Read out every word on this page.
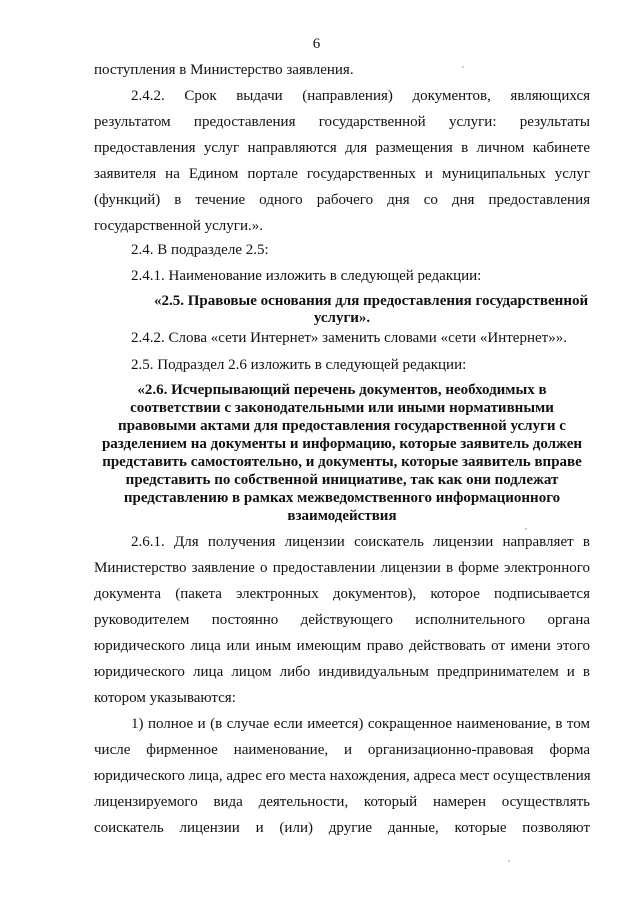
6
поступления в Министерство заявления.
2.4.2. Срок выдачи (направления) документов, являющихся
результатом предоставления государственной услуги: результаты
предоставления услуг направляются для размещения в личном кабинете
заявителя на Едином портале государственных и муниципальных услуг
(функций) в течение одного рабочего дня со дня предоставления
государственной услуги.».
2.4. В подразделе 2.5:
2.4.1. Наименование изложить в следующей редакции:
«2.5. Правовые основания для предоставления государственной
услуги».
2.4.2. Слова «сети Интернет» заменить словами «сети «Интернет»».
2.5. Подраздел 2.6 изложить в следующей редакции:
«2.6. Исчерпывающий перечень документов, необходимых в
соответствии с законодательными или иными нормативными
правовыми актами для предоставления государственной услуги с
разделением на документы и информацию, которые заявитель должен
представить самостоятельно, и документы, которые заявитель вправе
представить по собственной инициативе, так как они подлежат
представлению в рамках межведомственного информационного
взаимодействия
2.6.1. Для получения лицензии соискатель лицензии направляет в
Министерство заявление о предоставлении лицензии в форме электронного
документа (пакета электронных документов), которое подписывается
руководителем постоянно действующего исполнительного органа
юридического лица или иным имеющим право действовать от имени этого
юридического лица лицом либо индивидуальным предпринимателем и в
котором указываются:
1) полное и (в случае если имеется) сокращенное наименование, в том
числе фирменное наименование, и организационно-правовая форма
юридического лица, адрес его места нахождения, адреса мест осуществления
лицензируемого вида деятельности, который намерен осуществлять
соискатель лицензии и (или) другие данные, которые позволяют
